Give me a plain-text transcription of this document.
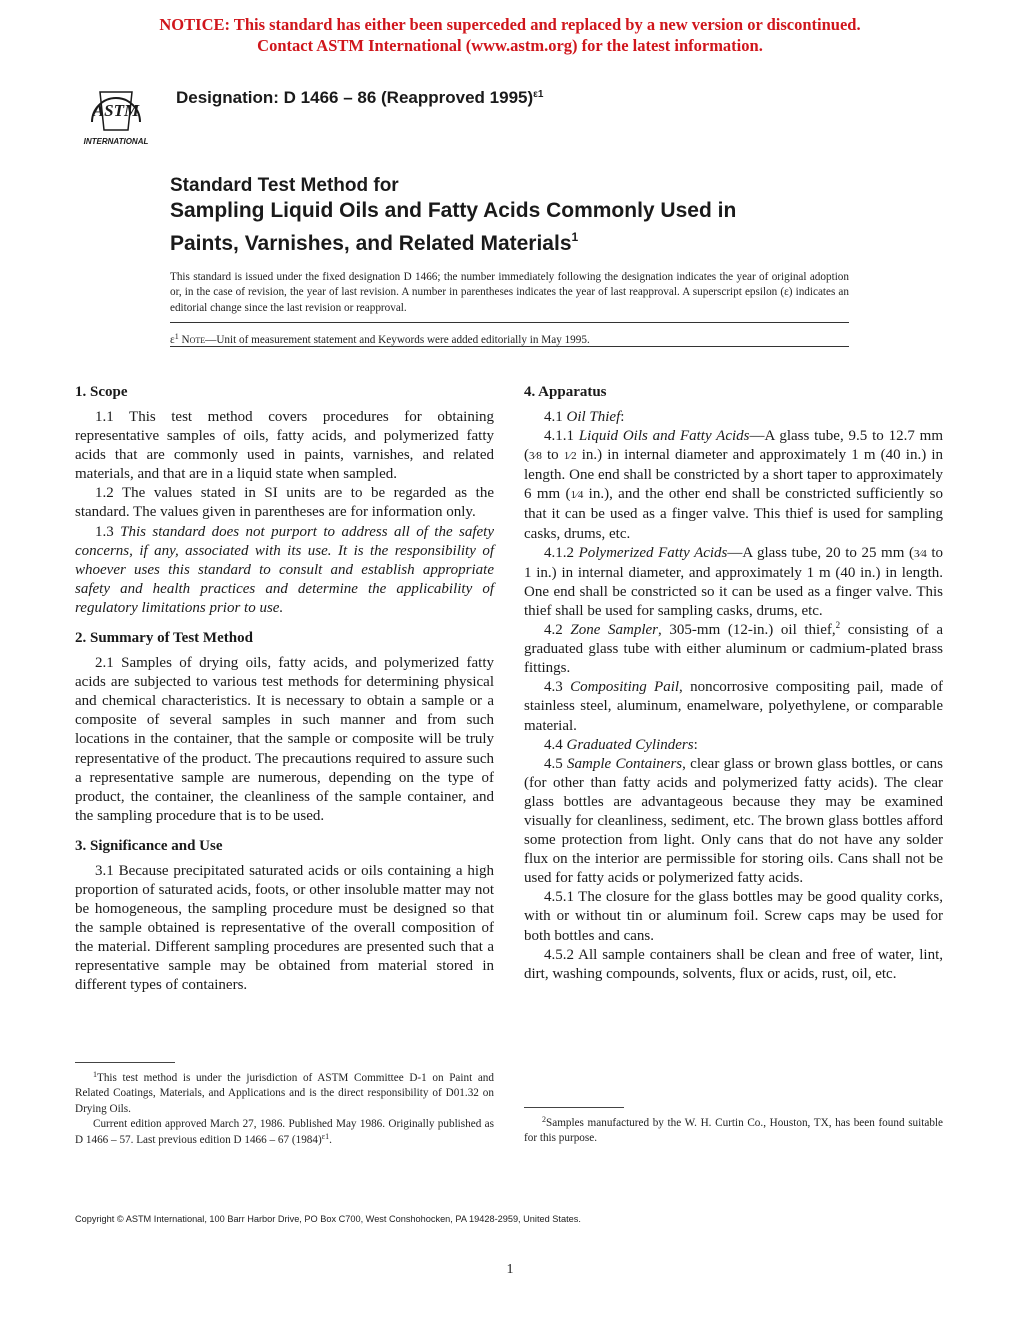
NOTICE: This standard has either been superceded and replaced by a new version or discontinued.
Contact ASTM International (www.astm.org) for the latest information.
ASTM
INTERNATIONAL
Designation: D 1466 – 86 (Reapproved 1995)$^{\varepsilon 1}$
Standard Test Method for
Sampling Liquid Oils and Fatty Acids Commonly Used in
Paints, Varnishes, and Related Materials$^1$
This standard is issued under the fixed designation D 1466; the number immediately following the designation indicates the year of original adoption or, in the case of revision, the year of last revision. A number in parentheses indicates the year of last reapproval. A superscript epsilon (ε) indicates an editorial change since the last revision or reapproval.
$\varepsilon^1$ Note—Unit of measurement statement and Keywords were added editorially in May 1995.
1. Scope

1.1 This test method covers procedures for obtaining representative samples of oils, fatty acids, and polymerized fatty acids that are commonly used in paints, varnishes, and related materials, and that are in a liquid state when sampled.

1.2 The values stated in SI units are to be regarded as the standard. The values given in parentheses are for information only.

1.3 This standard does not purport to address all of the safety concerns, if any, associated with its use. It is the responsibility of whoever uses this standard to consult and establish appropriate safety and health practices and determine the applicability of regulatory limitations prior to use.

2. Summary of Test Method

2.1 Samples of drying oils, fatty acids, and polymerized fatty acids are subjected to various test methods for determining physical and chemical characteristics. It is necessary to obtain a sample or a composite of several samples in such manner and from such locations in the container, that the sample or composite will be truly representative of the product. The precautions required to assure such a representative sample are numerous, depending on the type of product, the container, the cleanliness of the sample container, and the sampling procedure that is to be used.

3. Significance and Use

3.1 Because precipitated saturated acids or oils containing a high proportion of saturated acids, foots, or other insoluble matter may not be homogeneous, the sampling procedure must be designed so that the sample obtained is representative of the overall composition of the material. Different sampling procedures are presented such that a representative sample may be obtained from material stored in different types of containers.

4. Apparatus

4.1 Oil Thief:

4.1.1 Liquid Oils and Fatty Acids—A glass tube, 9.5 to 12.7 mm (3⁄8 to 1⁄2 in.) in internal diameter and approximately 1 m (40 in.) in length. One end shall be constricted by a short taper to approximately 6 mm (1⁄4 in.), and the other end shall be constricted sufficiently so that it can be used as a finger valve. This thief is used for sampling casks, drums, etc.

4.1.2 Polymerized Fatty Acids—A glass tube, 20 to 25 mm (3⁄4 to 1 in.) in internal diameter, and approximately 1 m (40 in.) in length. One end shall be constricted so it can be used as a finger valve. This thief shall be used for sampling casks, drums, etc.

4.2 Zone Sampler, 305-mm (12-in.) oil thief,$^2$ consisting of a graduated glass tube with either aluminum or cadmium-plated brass fittings.

4.3 Compositing Pail, noncorrosive compositing pail, made of stainless steel, aluminum, enamelware, polyethylene, or comparable material.

4.4 Graduated Cylinders:

4.5 Sample Containers, clear glass or brown glass bottles, or cans (for other than fatty acids and polymerized fatty acids). The clear glass bottles are advantageous because they may be examined visually for cleanliness, sediment, etc. The brown glass bottles afford some protection from light. Only cans that do not have any solder flux on the interior are permissible for storing oils. Cans shall not be used for fatty acids or polymerized fatty acids.

4.5.1 The closure for the glass bottles may be good quality corks, with or without tin or aluminum foil. Screw caps may be used for both bottles and cans.

4.5.2 All sample containers shall be clean and free of water, lint, dirt, washing compounds, solvents, flux or acids, rust, oil, etc.

$^1$This test method is under the jurisdiction of ASTM Committee D-1 on Paint and Related Coatings, Materials, and Applications and is the direct responsibility of D01.32 on Drying Oils.

Current edition approved March 27, 1986. Published May 1986. Originally published as D 1466 – 57. Last previous edition D 1466 – 67 $(1984)^{\varepsilon 1}$.

$^2$Samples manufactured by the W. H. Curtin Co., Houston, TX, has been found suitable for this purpose.

Copyright © ASTM International, 100 Barr Harbor Drive, PO Box C700, West Conshohocken, PA 19428-2959, United States.
1
